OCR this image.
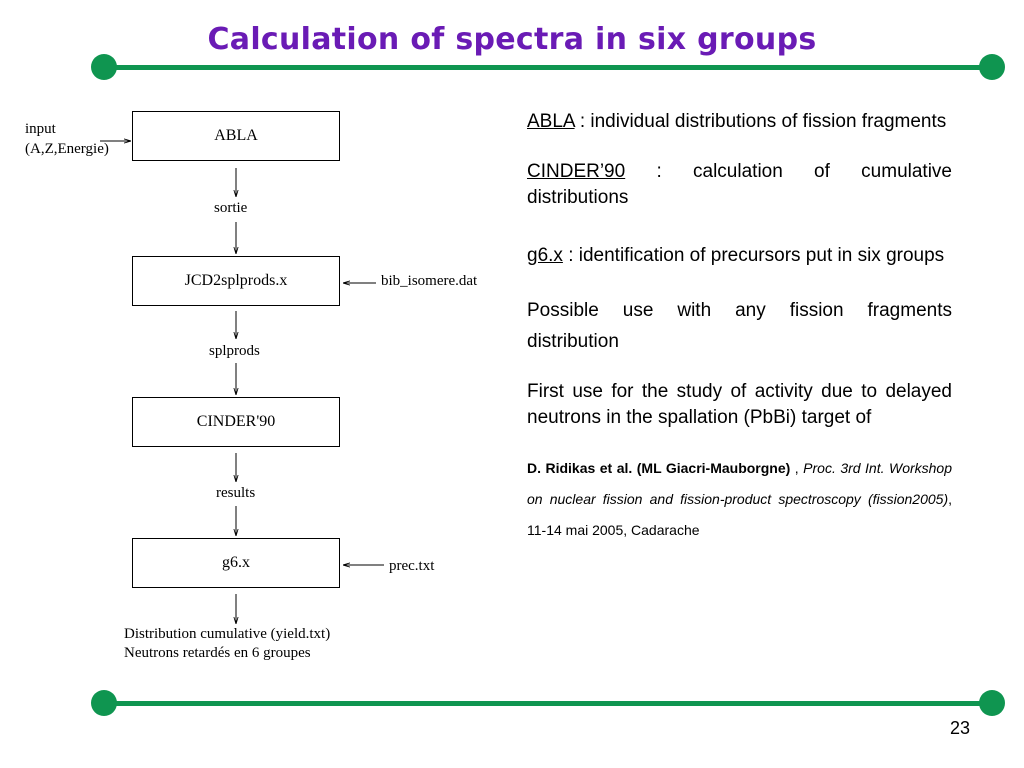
Calculation of spectra in six groups
input
(A,Z,Energie)
ABLA
sortie
JCD2splprods.x	bib_isomere.dat
splprods
CINDER'90
results
g6.x	prec.txt
Distribution cumulative (yield.txt)
Neutrons retardés en 6 groupes

ABLA : individual distributions of fission fragments

CINDER’90 : calculation of cumulative distributions

g6.x : identification of precursors put in six groups

Possible use with any fission fragments distribution

First use for the study of activity due to delayed neutrons in the spallation (PbBi) target of

D. Ridikas et al. (ML Giacri-Mauborgne) , Proc. 3rd Int. Workshop on nuclear fission and fission-product spectroscopy (fission2005), 11-14 mai 2005, Cadarache

23
